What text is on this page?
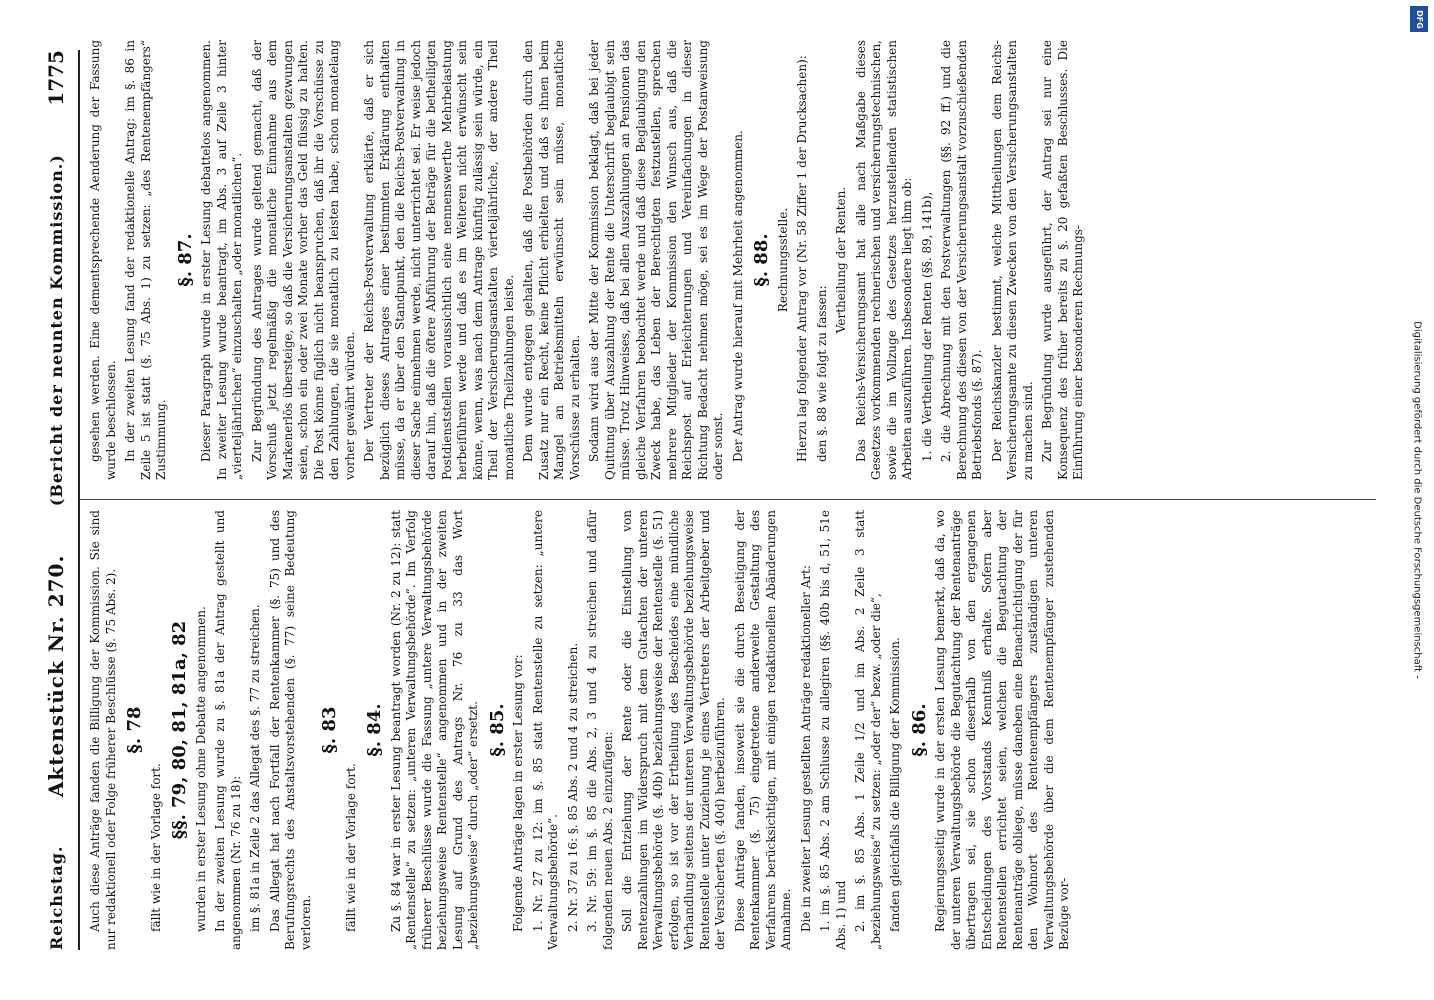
Reichstag.
Aktenstück Nr. 270.
(Bericht der neunten Kommission.)
1775

Auch diese Anträge fanden die Billigung der Kommission. Sie sind nur redaktionell oder Folge früherer Beschlüsse (§. 75 Abs. 2). §. 78

fällt wie in der Vorlage fort.

§§. 79, 80, 81, 81a, 82 wurden in erster Lesung ohne Debatte angenommen. In der zweiten Lesung wurde zu §. 81a der Antrag gestellt und angenommen (Nr. 76 zu 18): im §. 81a in Zeile 2 das Allegat des §. 77 zu streichen. Das Allegat hat nach Fortfall der Rentenkammer (§. 75) und des Berufungsrechts des Anstaltsvorstehenden (§. 77) seine Bedeutung verloren.

§. 83

fällt wie in der Vorlage fort.

§. 84. Zu §. 84 war in erster Lesung beantragt worden (Nr. 2 zu 12): statt „Rentenstelle“ zu setzen: „unteren Verwaltungsbehörde“. Im Verfolg früherer Beschlüsse wurde die Fassung „untere Verwaltungsbehörde beziehungsweise Rentenstelle“ angenommen und in der zweiten Lesung auf Grund des Antrags Nr. 76 zu 33 das Wort „beziehungsweise“ durch „oder“ ersetzt. §. 85. Folgende Anträge lagen in erster Lesung vor: 1. Nr. 27 zu 12: im §. 85 statt Rentenstelle zu setzen: „untere Verwaltungsbehörde“. 2. Nr. 37 zu 16: §. 85 Abs. 2 und 4 zu streichen. 3. Nr. 59: im §. 85 die Abs. 2, 3 und 4 zu streichen und dafür folgenden neuen Abs. 2 einzufügen: Soll die Entziehung der Rente oder die Einstellung von Rentenzahlungen im Widerspruch mit dem Gutachten der unteren Verwaltungsbehörde (§. 40b) beziehungsweise der Rentenstelle (§. 51) erfolgen, so ist vor der Ertheilung des Bescheides eine mündliche Verhandlung seitens der unteren Verwaltungsbehörde beziehungsweise Rentenstelle unter Zuziehung je eines Vertreters der Arbeitgeber und der Versicherten (§. 40d) herbeizuführen. Diese Anträge fanden, insoweit sie die durch Beseitigung der Rentenkammer (§. 75) eingetretene anderweite Gestaltung des Verfahrens berücksichtigen, mit einigen redaktionellen Abänderungen Annahme. Die in zweiter Lesung gestellten Anträge redaktioneller Art: 1. im §. 85 Abs. 2 am Schlusse zu allegiren (§§. 40b bis d, 51, 51e Abs. 1) und 2. im §. 85 Abs. 1 Zeile 1/2 und im Abs. 2 Zeile 3 statt „beziehungsweise“ zu setzen: „oder der“ bezw. „oder die“, fanden gleichfalls die Billigung der Kommission. §. 86. Regierungsseitig wurde in der ersten Lesung bemerkt, daß da, wo der unteren Verwaltungsbehörde die Begutachtung der Rentenanträge übertragen sei, sie schon dieserhalb von den ergangenen Entscheidungen des Vorstands Kenntniß erhalte. Sofern aber Rentenstellen errichtet seien, welchen die Begutachtung der Rentenanträge obliege, müsse daneben eine Benachrichtigung der für den Wohnort des Rentenempfängers zuständigen unteren Verwaltungsbehörde über die dem Rentenempfänger zustehenden Bezüge vor-

gesehen werden. Eine dementsprechende Aenderung der Fassung wurde beschlossen. In der zweiten Lesung fand der redaktionelle Antrag: im §. 86 in Zeile 5 ist statt (§. 75 Abs. 1) zu setzen: „des Rentenempfängers“ Zustimmung.

§. 87. Dieser Paragraph wurde in erster Lesung debattelos angenommen. In zweiter Lesung wurde beantragt, im Abs. 3 auf Zeile 3 hinter „vierteljährlichen“ einzuschalten „oder monatlichen“. Zur Begründung des Antrages wurde geltend gemacht, daß der Vorschuß jetzt regelmäßig die monatliche Einnahme aus dem Markenerlös übersteige, so daß die Versicherungsanstalten gezwungen seien, schon ein oder zwei Monate vorher das Geld flüssig zu halten. Die Post könne füglich nicht beanspruchen, daß ihr die Vorschüsse zu den Zahlungen, die sie monatlich zu leisten habe, schon monatelang vorher gewährt würden. Der Vertreter der Reichs-Postverwaltung erklärte, daß er sich bezüglich dieses Antrages einer bestimmten Erklärung enthalten müsse, da er über den Standpunkt, den die Reichs-Postverwaltung in dieser Sache einnehmen werde, nicht unterrichtet sei. Er weise jedoch darauf hin, daß die öftere Abführung der Beträge für die betheiligten Postdienststellen voraussichtlich eine nennenswerthe Mehrbelastung herbeiführen werde und daß es im Weiteren nicht erwünscht sein könne, wenn, was nach dem Antrage künftig zulässig sein würde, ein Theil der Versicherungsanstalten vierteljährliche, der andere Theil monatliche Theilzahlungen leiste. Dem wurde entgegen gehalten, daß die Postbehörden durch den Zusatz nur ein Recht, keine Pflicht erhielten und daß es ihnen beim Mangel an Betriebsmitteln erwünscht sein müsse, monatliche Vorschüsse zu erhalten. Sodann wird aus der Mitte der Kommission beklagt, daß bei jeder Quittung über Auszahlung der Rente die Unterschrift beglaubigt sein müsse. Trotz Hinweises, daß bei allen Auszahlungen an Pensionen das gleiche Verfahren beobachtet werde und daß diese Beglaubigung den Zweck habe, das Leben der Berechtigten festzustellen, sprechen mehrere Mitglieder der Kommission den Wunsch aus, daß die Reichspost auf Erleichterungen und Vereinfachungen in dieser Richtung Bedacht nehmen möge, sei es im Wege der Postanweisung oder sonst. Der Antrag wurde hierauf mit Mehrheit angenommen. §. 88. Rechnungsstelle. Hierzu lag folgender Antrag vor (Nr. 58 Ziffer 1 der Drucksachen): den §. 88 wie folgt zu fassen:

Vertheilung der Renten. Das Reichs-Versicherungsamt hat alle nach Maßgabe dieses Gesetzes vorkommenden rechnerischen und versicherungstechnischen, sowie die im Vollzuge des Gesetzes herzustellenden statistischen Arbeiten auszuführen. Insbesondere liegt ihm ob: 1. die Vertheilung der Renten (§§. 89, 141b), 2. die Abrechnung mit den Postverwaltungen (§§. 92 ff.) und die Berechnung des diesen von der Versicherungsanstalt vorzuschießenden Betriebsfonds (§. 87). Der Reichskanzler bestimmt, welche Mittheilungen dem Reichs-Versicherungsamte zu diesen Zwecken von den Versicherungsanstalten zu machen sind. Zur Begründung wurde ausgeführt, der Antrag sei nur eine Konsequenz des früher bereits zu §. 20 gefaßten Beschlusses. Die Einführung einer besonderen Rechnungs-	Digitalisierung gefördert durch die Deutsche Forschungsgemeinschaft -
DFG
